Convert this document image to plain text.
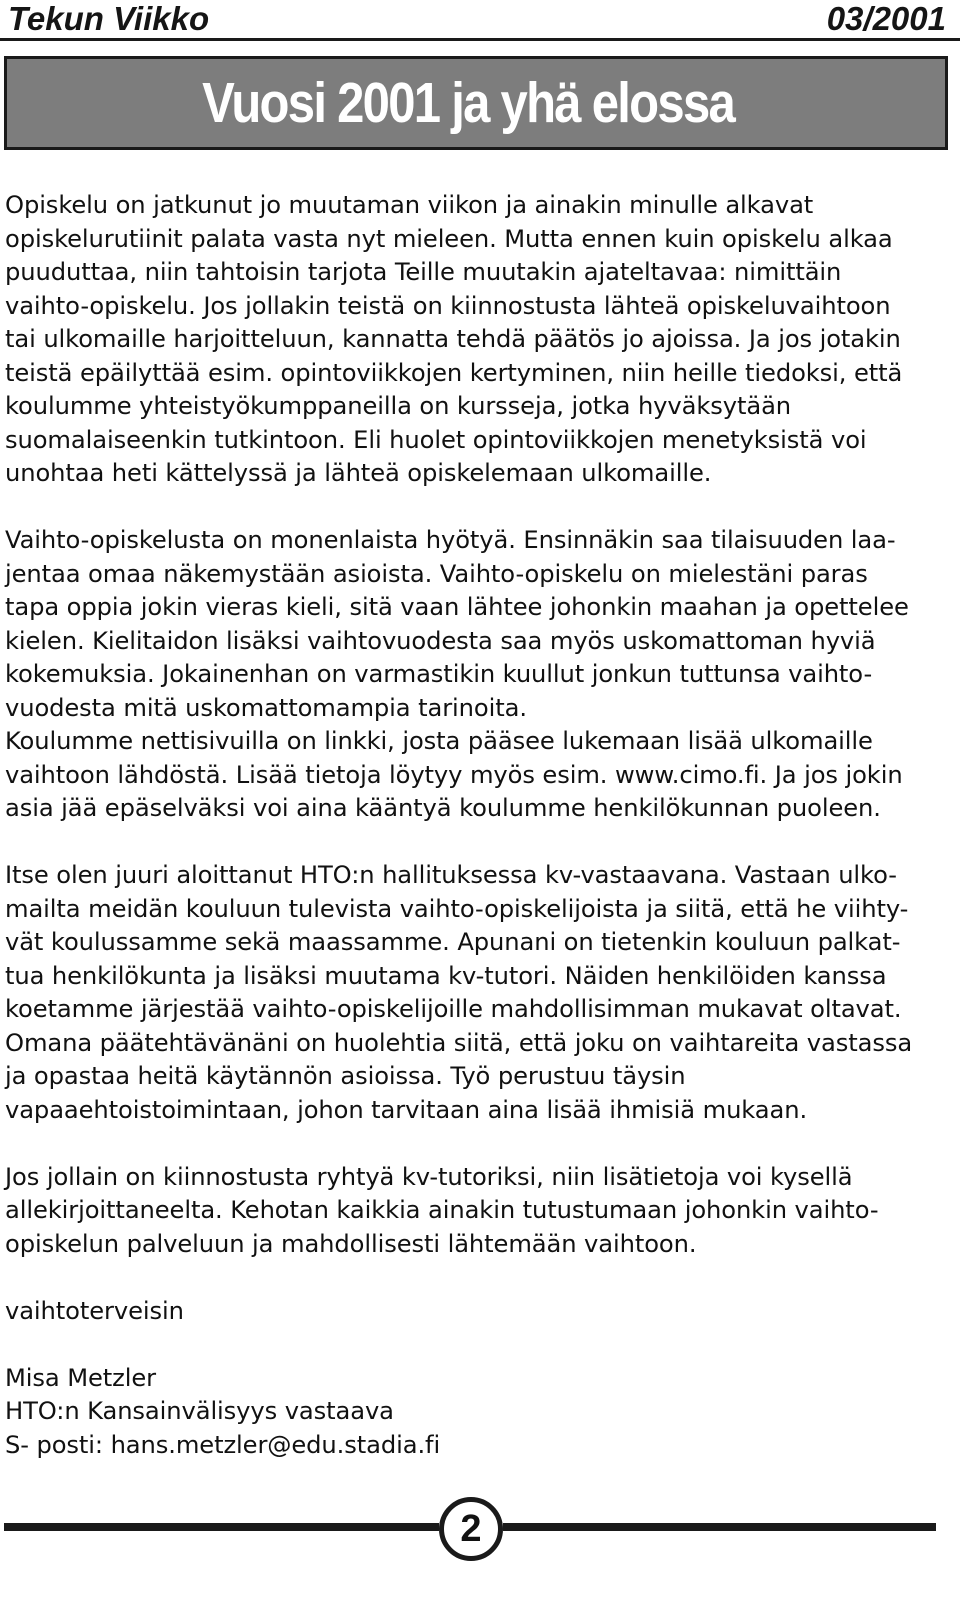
Tekun Viikko	03/2001
Vuosi 2001 ja yhä elossa

Opiskelu on jatkunut jo muutaman viikon ja ainakin minulle alkavat
opiskelurutiinit palata vasta nyt mieleen. Mutta ennen kuin opiskelu alkaa
puuduttaa, niin tahtoisin tarjota Teille muutakin ajateltavaa: nimittäin
vaihto-opiskelu. Jos jollakin teistä on kiinnostusta lähteä opiskeluvaihtoon
tai ulkomaille harjoitteluun, kannatta tehdä päätös jo ajoissa. Ja jos jotakin
teistä epäilyttää esim. opintoviikkojen kertyminen, niin heille tiedoksi, että
koulumme yhteistyökumppaneilla on kursseja, jotka hyväksytään
suomalaiseenkin tutkintoon. Eli huolet opintoviikkojen menetyksistä voi
unohtaa heti kättelyssä ja lähteä opiskelemaan ulkomaille.

Vaihto-opiskelusta on monenlaista hyötyä. Ensinnäkin saa tilaisuuden laa-
jentaa omaa näkemystään asioista. Vaihto-opiskelu on mielestäni paras
tapa oppia jokin vieras kieli, sitä vaan lähtee johonkin maahan ja opettelee
kielen. Kielitaidon lisäksi vaihtovuodesta saa myös uskomattoman hyviä
kokemuksia. Jokainenhan on varmastikin kuullut jonkun tuttunsa vaihto-
vuodesta mitä uskomattomampia tarinoita.
Koulumme nettisivuilla on linkki, josta pääsee lukemaan lisää ulkomaille
vaihtoon lähdöstä. Lisää tietoja löytyy myös esim. www.cimo.fi. Ja jos jokin
asia jää epäselväksi voi aina kääntyä koulumme henkilökunnan puoleen.

Itse olen juuri aloittanut HTO:n hallituksessa kv-vastaavana. Vastaan ulko-
mailta meidän kouluun tulevista vaihto-opiskelijoista ja siitä, että he viihty-
vät koulussamme sekä maassamme. Apunani on tietenkin kouluun palkat-
tua henkilökunta ja lisäksi muutama kv-tutori. Näiden henkilöiden kanssa
koetamme järjestää vaihto-opiskelijoille mahdollisimman mukavat oltavat.
Omana päätehtävänäni on huolehtia siitä, että joku on vaihtareita vastassa
ja opastaa heitä käytännön asioissa. Työ perustuu täysin
vapaaehtoistoimintaan, johon tarvitaan aina lisää ihmisiä mukaan.

Jos jollain on kiinnostusta ryhtyä kv-tutoriksi, niin lisätietoja voi kysellä
allekirjoittaneelta. Kehotan kaikkia ainakin tutustumaan johonkin vaihto-
opiskelun palveluun ja mahdollisesti lähtemään vaihtoon.

vaihtoterveisin

Misa Metzler
HTO:n Kansainvälisyys vastaava
S- posti: hans.metzler@edu.stadia.fi

2
